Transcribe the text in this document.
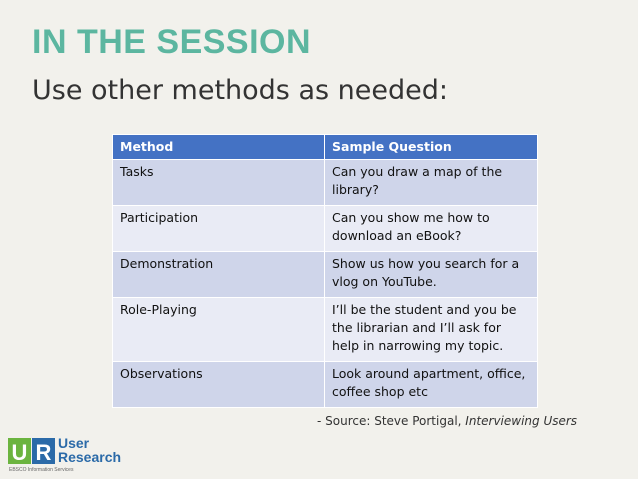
IN THE SESSION
Use other methods as needed:
Method	Sample Question
Tasks	Can you draw a map of the library?
Participation	Can you show me how to download an eBook?
Demonstration	Show us how you search for a vlog on YouTube.
Role-Playing	I’ll be the student and you be the librarian and I’ll ask for help in narrowing my topic.
Observations	Look around apartment, office, coffee shop etc
- Source: Steve Portigal, Interviewing Users
U R User
Research
EBSCO Information Services
